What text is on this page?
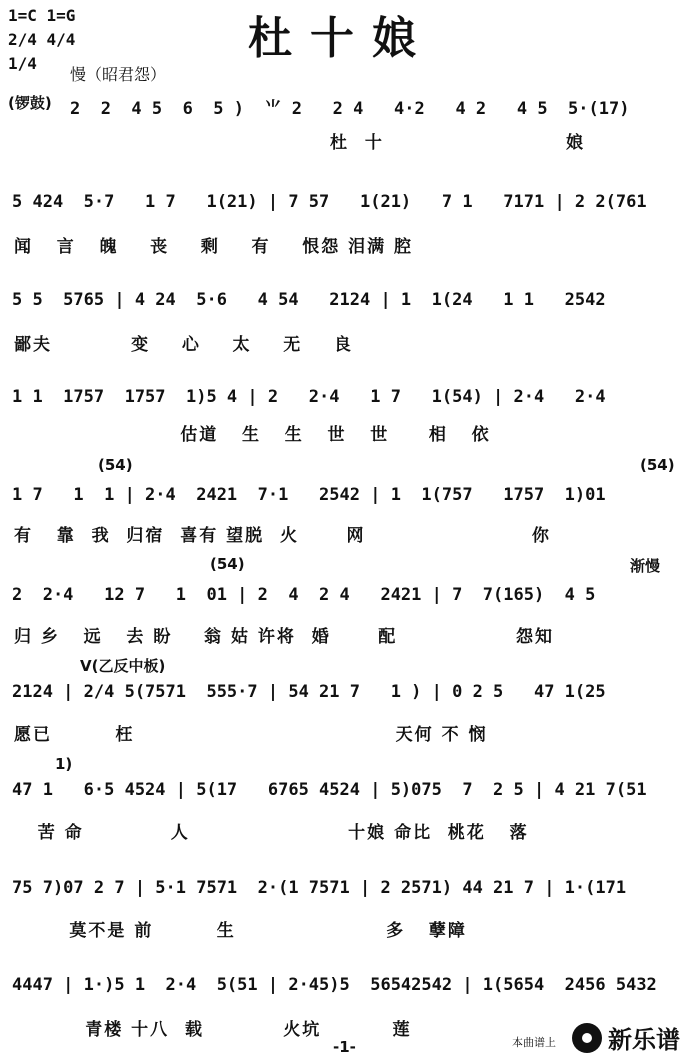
1=C 1=G
2/4 4/4
1/4
慢（昭君怨）
杜十娘
(锣鼓)
(54)	(54)
(54)	渐慢
V(乙反中板)
1)
2  2  4 5  6  5 )  ⺌ 2   2 4   4·2   4 2   4 5  5·(17)
杜  十                       娘
5 424  5·7   1 7   1(21) | 7 57   1(21)   7 1   7171 | 2 2(761
闻   言   魄    丧    剩    有    恨怨 泪满 腔
5 5  5765 | 4 24  5·6   4 54   2124 | 1  1(24   1 1   2542
鄙夫          变    心    太    无    良
1 1  1757  1757  1)5 4 | 2   2·4   1 7   1(54) | 2·4   2·4
估道   生   生   世   世     相   依
1 7   1  1 | 2·4  2421  7·1   2542 | 1  1(757   1757  1)01
有   靠  我  归宿  喜有 望脱  火      网                     你
2  2·4   12 7   1  01 | 2  4  2 4   2421 | 7  7(165)  4 5
归 乡   远   去 盼    翁 姑 许将  婚      配               怨知
2124 | 2/4 5(7571  555·7 | 54 21 7   1 ) | 0 2 5   47 1(25
愿已        枉                                 天何 不 悯
47 1   6·5 4524 | 5(17   6765 4524 | 5)075  7  2 5 | 4 21 7(51
苦 命           人                    十娘 命比  桃花   落
75 7)07 2 7 | 5·1 7571  2·(1 7571 | 2 2571) 44 21 7 | 1·(171
莫不是 前        生                   多   孽障
4447 | 1·)5 1  2·4  5(51 | 2·45)5  56542542 | 1(5654  2456 5432
青楼 十八  载          火坑         莲
-1-	本曲谱上 新乐谱
